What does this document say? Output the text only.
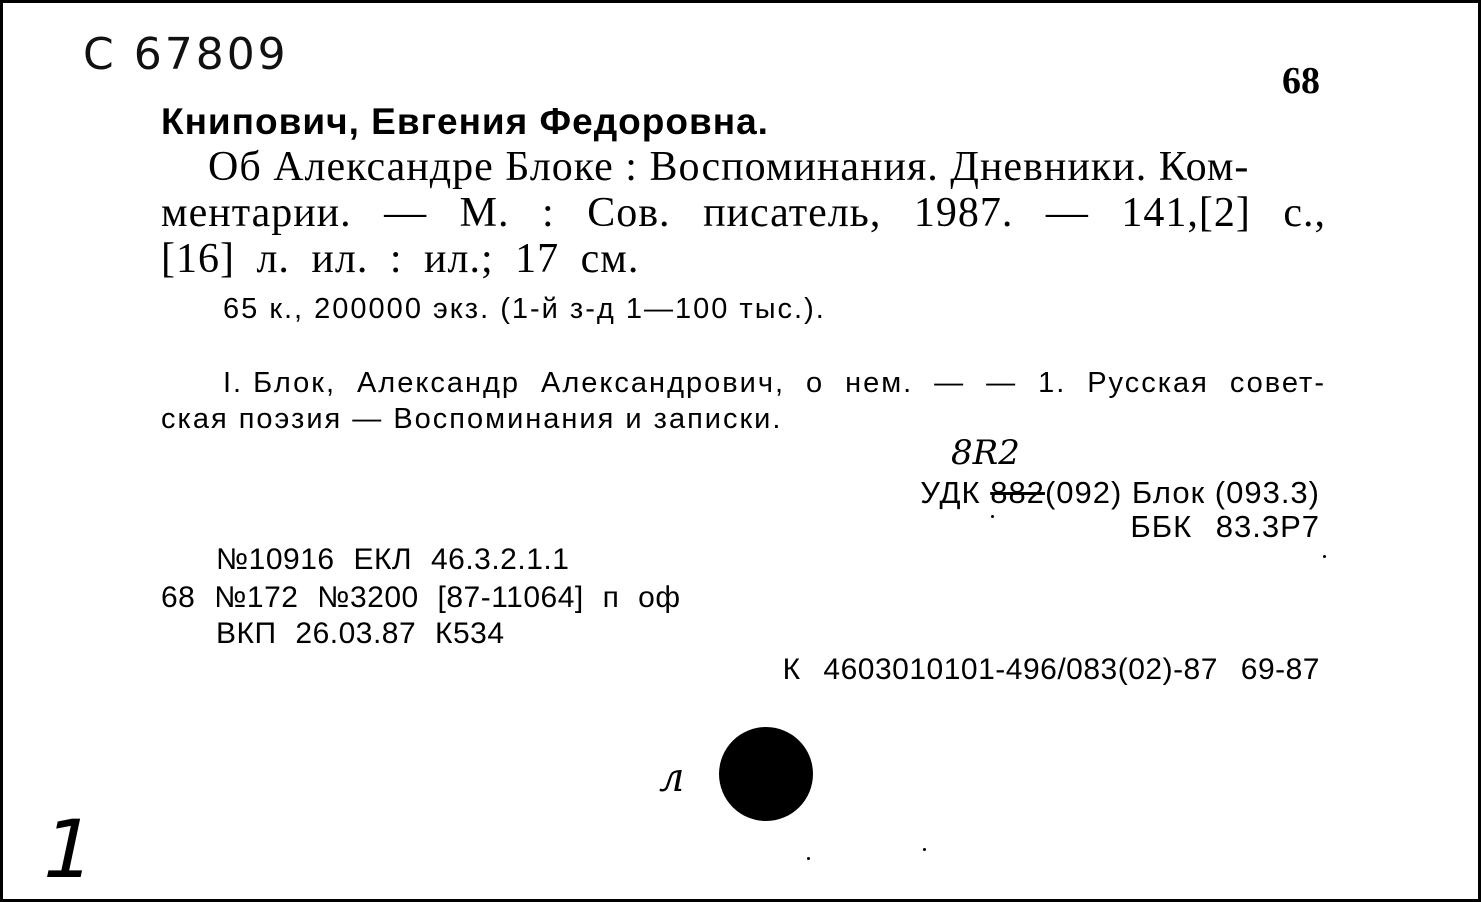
С 67809
68
Книпович, Евгения Федоровна.
Об Александре Блоке : Воспоминания. Дневники. Ком-
ментарии. — М. : Сов. писатель, 1987. — 141,[2] с.,
[16] л. ил. : ил.; 17 см.
65 к., 200000 экз. (1-й з-д 1—100 тыс.).
I. Блок, Александр Александрович, о нем. — — 1. Русская совет-
ская поэзия — Воспоминания и записки.
8R2
УДК 882(092) Блок (093.3)
ББК 83.3Р7
№10916 ЕКЛ 46.3.2.1.1
68 №172 №3200 [87-11064] п оф
ВКП 26.03.87 К534
К 4603010101-496/083(02)-87 69-87
л
1
